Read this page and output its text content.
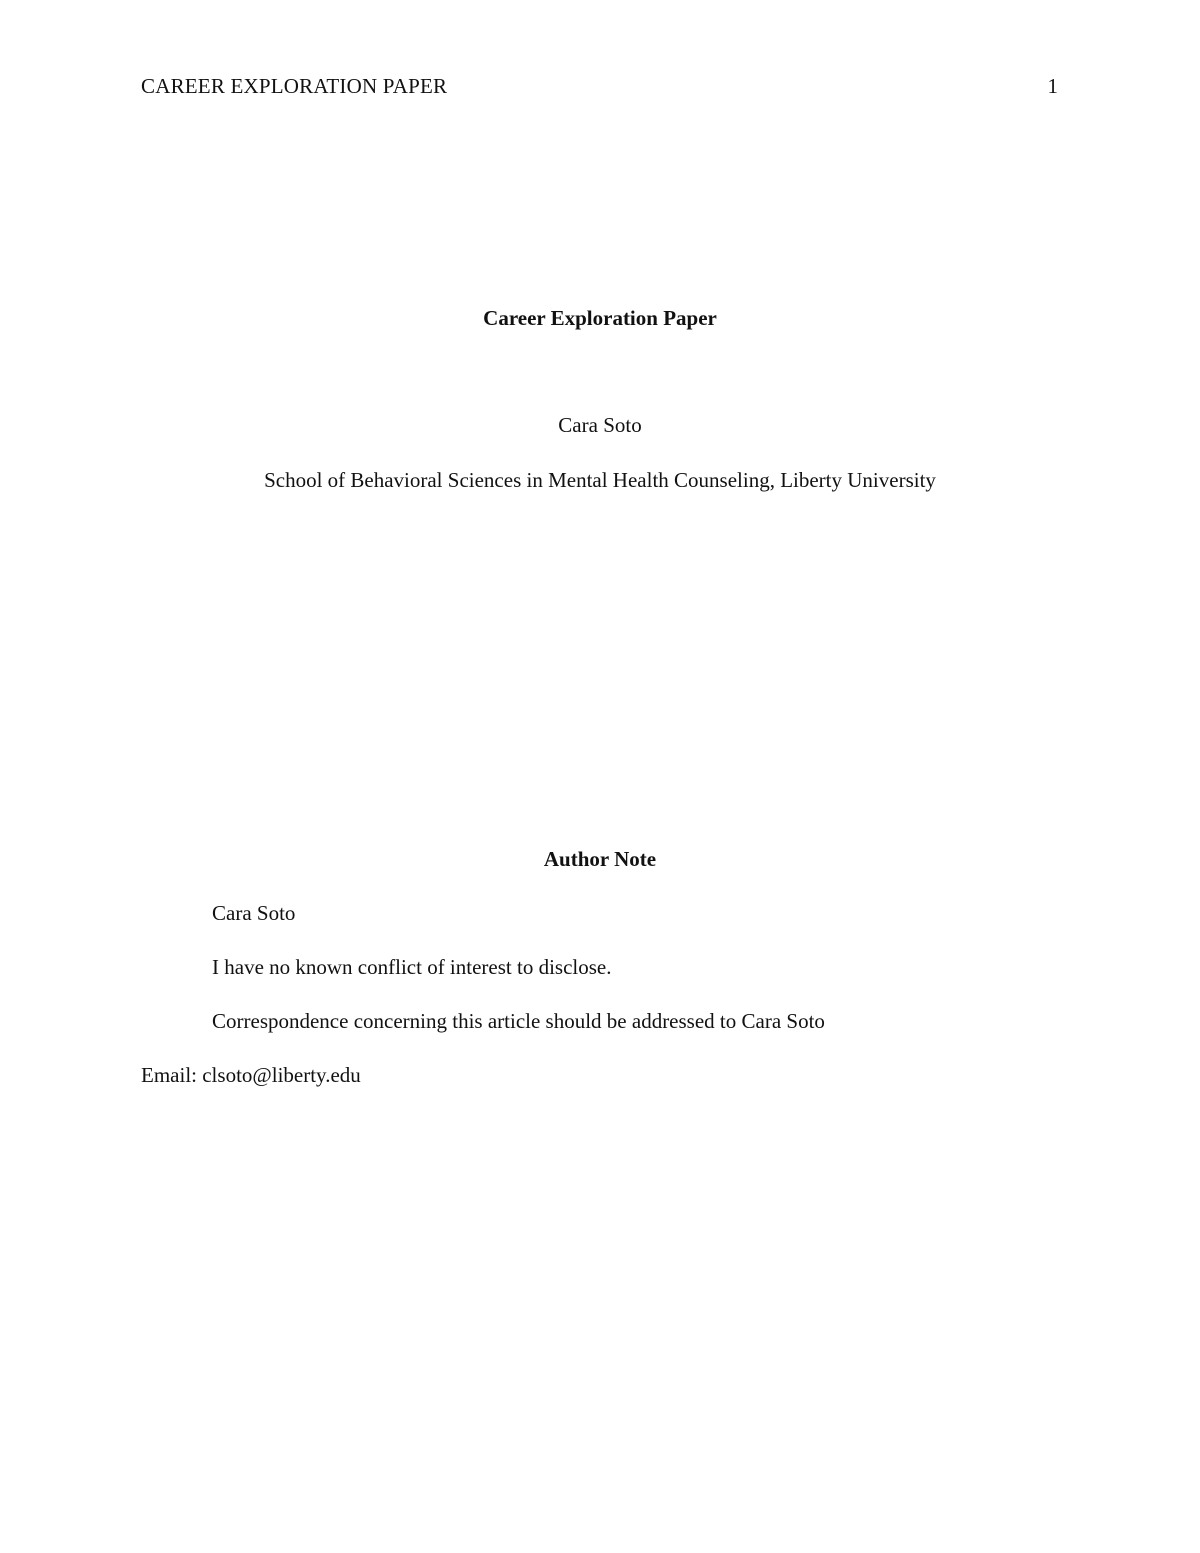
CAREER EXPLORATION PAPER	1
Career Exploration Paper
Cara Soto
School of Behavioral Sciences in Mental Health Counseling, Liberty University
Author Note
Cara Soto
I have no known conflict of interest to disclose.
Correspondence concerning this article should be addressed to Cara Soto
Email: clsoto@liberty.edu
